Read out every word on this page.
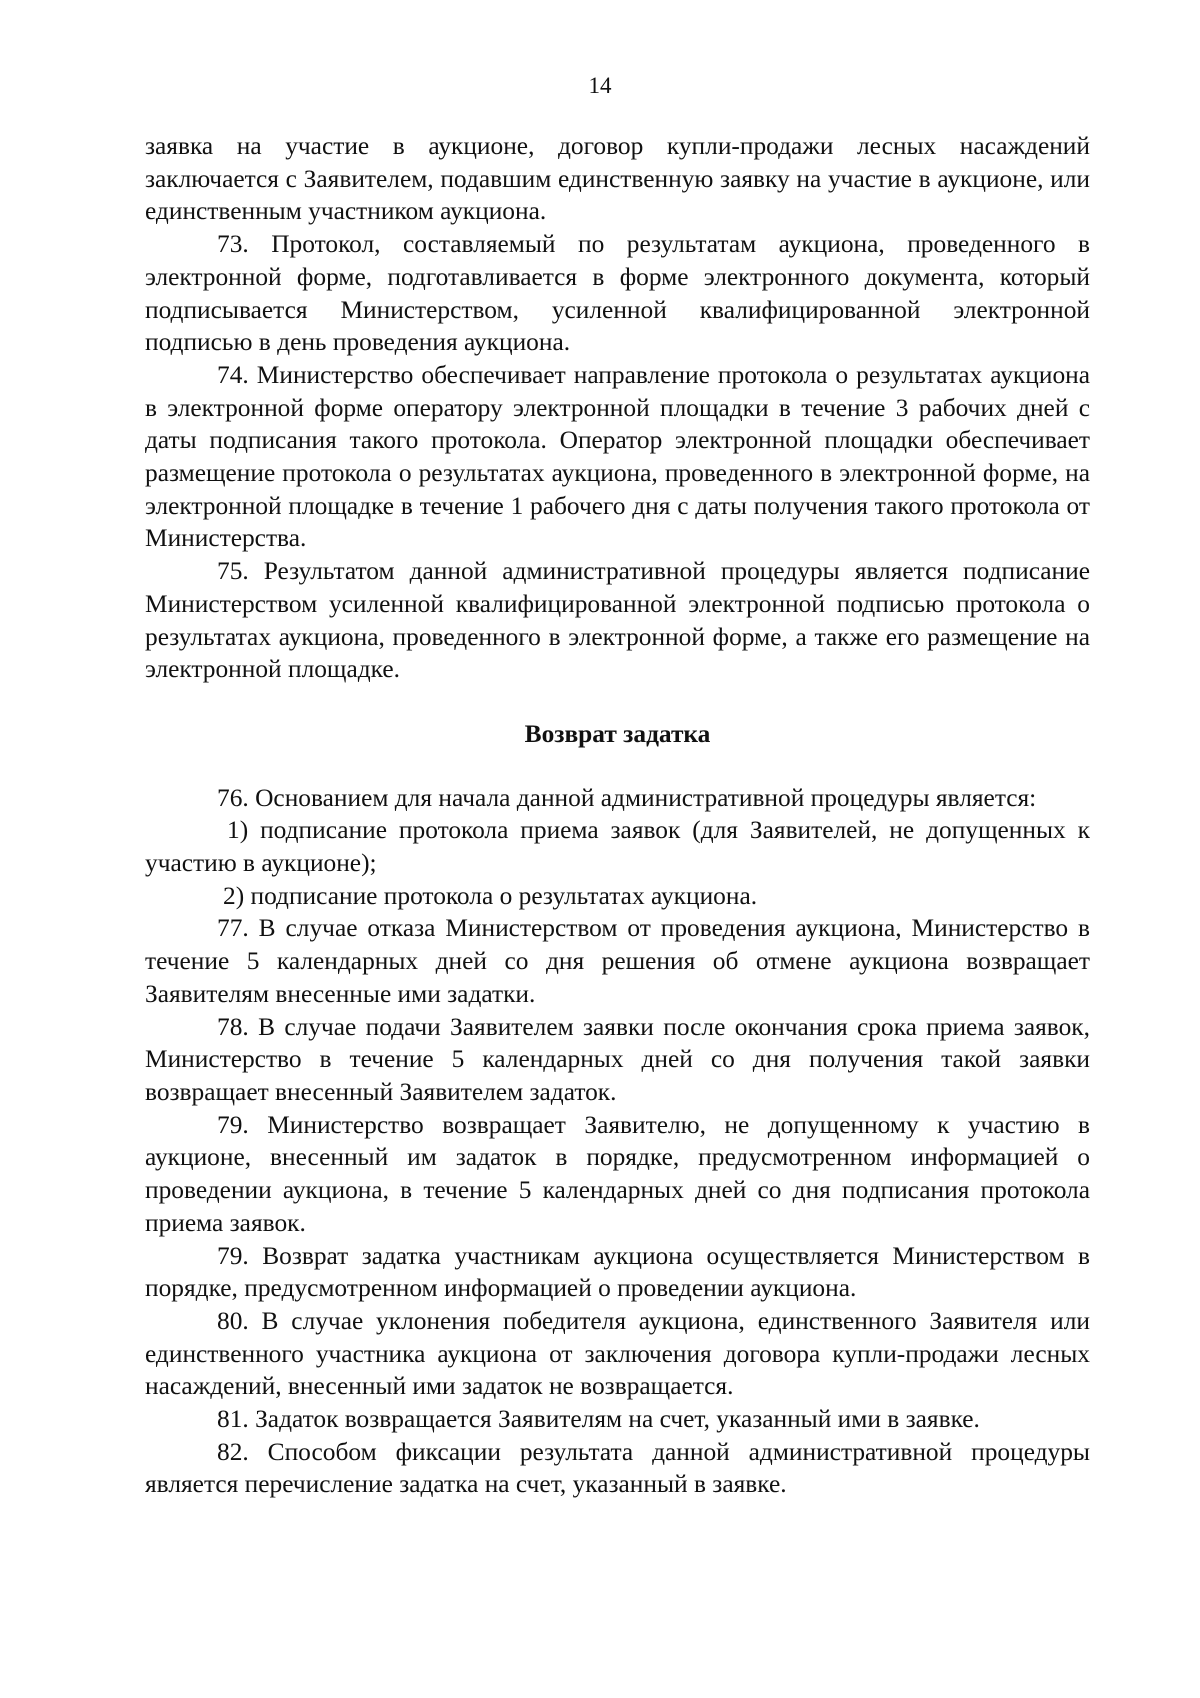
14

заявка на участие в аукционе, договор купли-продажи лесных насаждений заключается с Заявителем, подавшим единственную заявку на участие в аукционе, или единственным участником аукциона.

73. Протокол, составляемый по результатам аукциона, проведенного в электронной форме, подготавливается в форме электронного документа, который подписывается Министерством, усиленной квалифицированной электронной подписью в день проведения аукциона.

74. Министерство обеспечивает направление протокола о результатах аукциона в электронной форме оператору электронной площадки в течение 3 рабочих дней с даты подписания такого протокола. Оператор электронной площадки обеспечивает размещение протокола о результатах аукциона, проведенного в электронной форме, на электронной площадке в течение 1 рабочего дня с даты получения такого протокола от Министерства.

75. Результатом данной административной процедуры является подписание Министерством усиленной квалифицированной электронной подписью протокола о результатах аукциона, проведенного в электронной форме, а также его размещение на электронной площадке.

Возврат задатка

76. Основанием для начала данной административной процедуры является:

1) подписание протокола приема заявок (для Заявителей, не допущенных к участию в аукционе);

2) подписание протокола о результатах аукциона.

77. В случае отказа Министерством от проведения аукциона, Министерство в течение 5 календарных дней со дня решения об отмене аукциона возвращает Заявителям внесенные ими задатки.

78. В случае подачи Заявителем заявки после окончания срока приема заявок, Министерство в течение 5 календарных дней со дня получения такой заявки возвращает внесенный Заявителем задаток.

79. Министерство возвращает Заявителю, не допущенному к участию в аукционе, внесенный им задаток в порядке, предусмотренном информацией о проведении аукциона, в течение 5 календарных дней со дня подписания протокола приема заявок.

79. Возврат задатка участникам аукциона осуществляется Министерством в порядке, предусмотренном информацией о проведении аукциона.

80. В случае уклонения победителя аукциона, единственного Заявителя или единственного участника аукциона от заключения договора купли-продажи лесных насаждений, внесенный ими задаток не возвращается.

81. Задаток возвращается Заявителям на счет, указанный ими в заявке.

82. Способом фиксации результата данной административной процедуры является перечисление задатка на счет, указанный в заявке.
